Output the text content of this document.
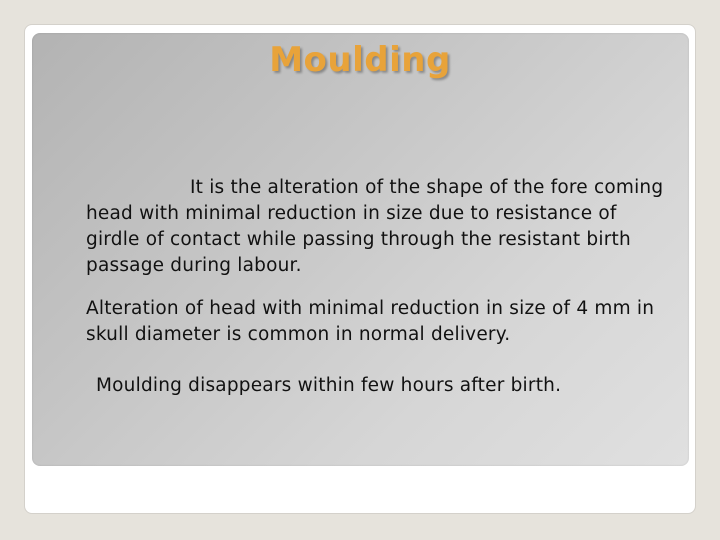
Moulding

It is the alteration of the shape of the fore coming head with minimal reduction in size due to resistance of girdle of contact while passing through the resistant birth passage during labour.

Alteration of head with minimal reduction in size of 4 mm in skull diameter is common in normal delivery.

Moulding disappears within few hours after birth.
